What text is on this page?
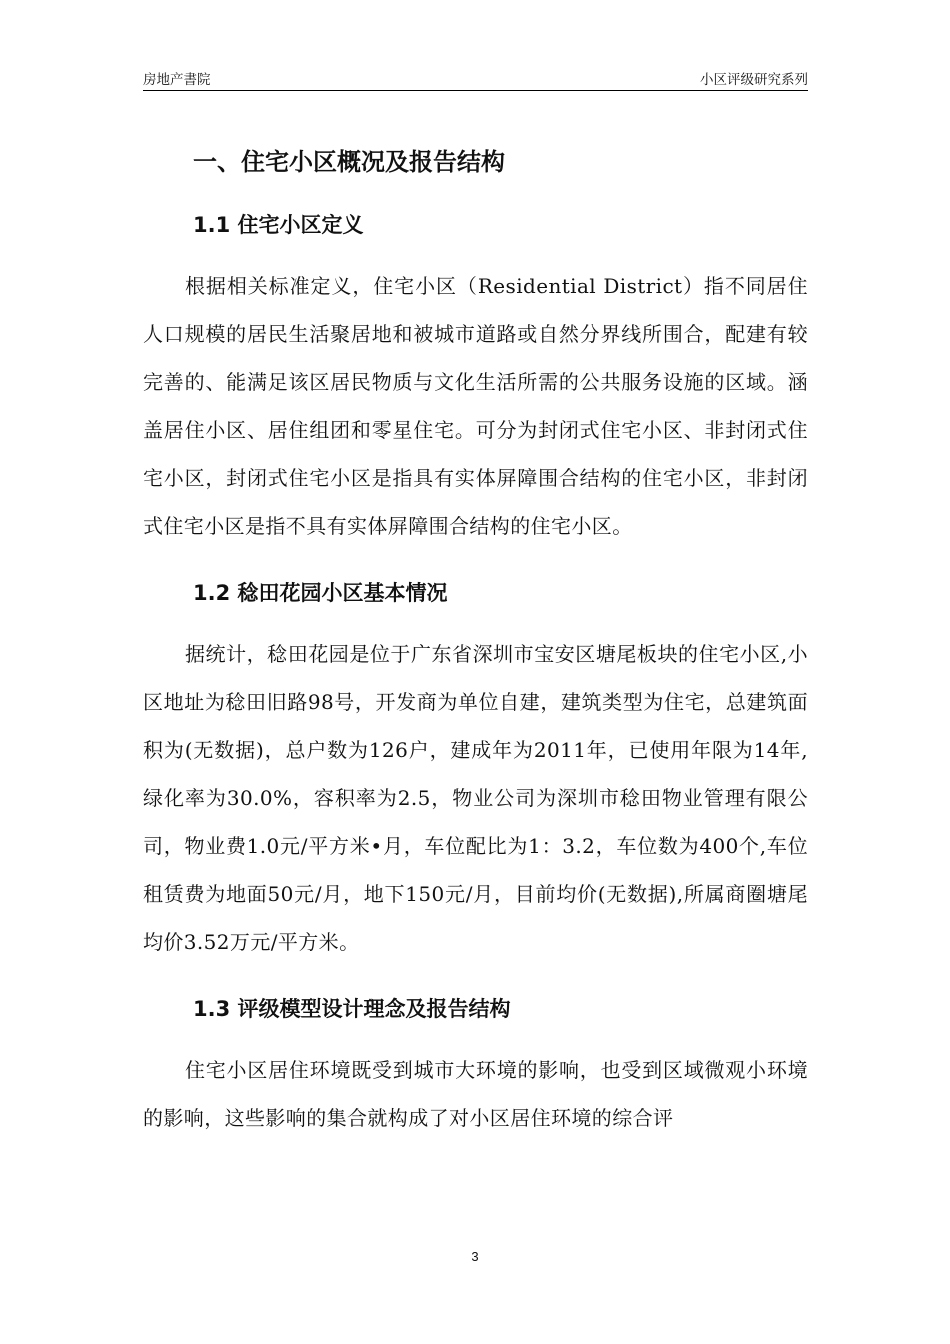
房地产書院	小区评级研究系列
一、住宅小区概况及报告结构
1.1 住宅小区定义

根据相关标准定义，住宅小区（Residential District）指不同居住人口规模的居民生活聚居地和被城市道路或自然分界线所围合，配建有较完善的、能满足该区居民物质与文化生活所需的公共服务设施的区域。涵盖居住小区、居住组团和零星住宅。可分为封闭式住宅小区、非封闭式住宅小区，封闭式住宅小区是指具有实体屏障围合结构的住宅小区，非封闭式住宅小区是指不具有实体屏障围合结构的住宅小区。

1.2 稔田花园小区基本情况

据统计，稔田花园是位于广东省深圳市宝安区塘尾板块的住宅小区,小区地址为稔田旧路98号，开发商为单位自建，建筑类型为住宅，总建筑面积为(无数据)，总户数为126户，建成年为2011年，已使用年限为14年,绿化率为30.0%，容积率为2.5，物业公司为深圳市稔田物业管理有限公司，物业费1.0元/平方米•月，车位配比为1：3.2，车位数为400个,车位租赁费为地面50元/月，地下150元/月，目前均价(无数据),所属商圈塘尾均价3.52万元/平方米。

1.3 评级模型设计理念及报告结构

住宅小区居住环境既受到城市大环境的影响，也受到区域微观小环境的影响，这些影响的集合就构成了对小区居住环境的综合评

3
